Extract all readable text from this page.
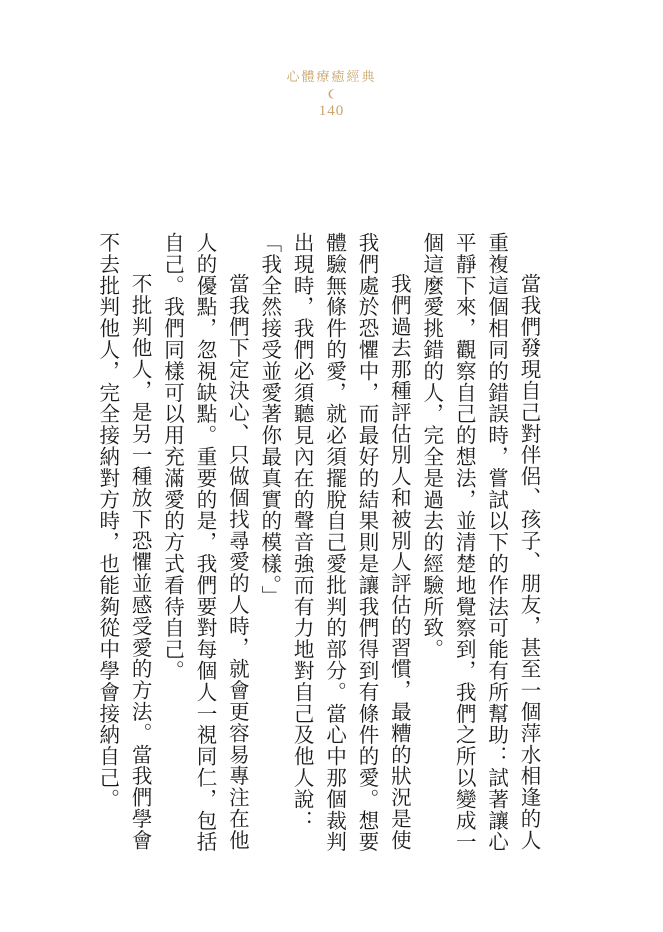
心體療癒經典
140

當我們發現自己對伴侶、孩子、朋友，甚至一個萍水相逢的人重複這個相同的錯誤時，嘗試以下的作法可能有所幫助：試著讓心平靜下來，觀察自己的想法，並清楚地覺察到，我們之所以變成一個這麼愛挑錯的人，完全是過去的經驗所致。

我們過去那種評估別人和被別人評估的習慣，最糟的狀況是使我們處於恐懼中，而最好的結果則是讓我們得到有條件的愛。想要體驗無條件的愛，就必須擺脫自己愛批判的部分。當心中那個裁判出現時，我們必須聽見內在的聲音強而有力地對自己及他人說：「我全然接受並愛著你最真實的模樣。」

當我們下定決心、只做個找尋愛的人時，就會更容易專注在他人的優點，忽視缺點。重要的是，我們要對每個人一視同仁，包括自己。我們同樣可以用充滿愛的方式看待自己。

不批判他人，是另一種放下恐懼並感受愛的方法。當我們學會不去批判他人，完全接納對方時，也能夠從中學會接納自己。
